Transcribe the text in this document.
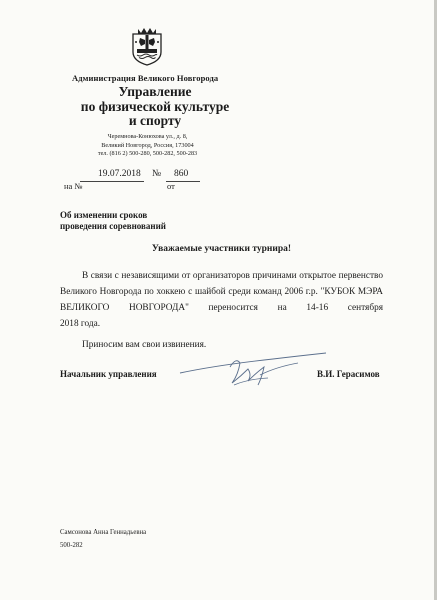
Администрация Великого Новгорода
Управление
по физической культуре
и спорту
Черемнова-Конюхова ул., д. 8,
Великий Новгород, Россия, 173004
тел. (816 2) 500-280, 500-282, 500-283
19.07.2018 № 860
на №	от
Об изменении сроков
проведения соревнований
Уважаемые участники турнира!

В связи с независящими от организаторов причинами открытое первенство Великого Новгорода по хоккею с шайбой среди команд 2006 г.р. "КУБОК МЭРА ВЕЛИКОГО НОВГОРОДА" переносится на 14-16 сентября

2018 года.

Приносим вам свои извинения.
Начальник управления	В.И. Герасимов
Самсонова Анна Геннадьевна
500-282
